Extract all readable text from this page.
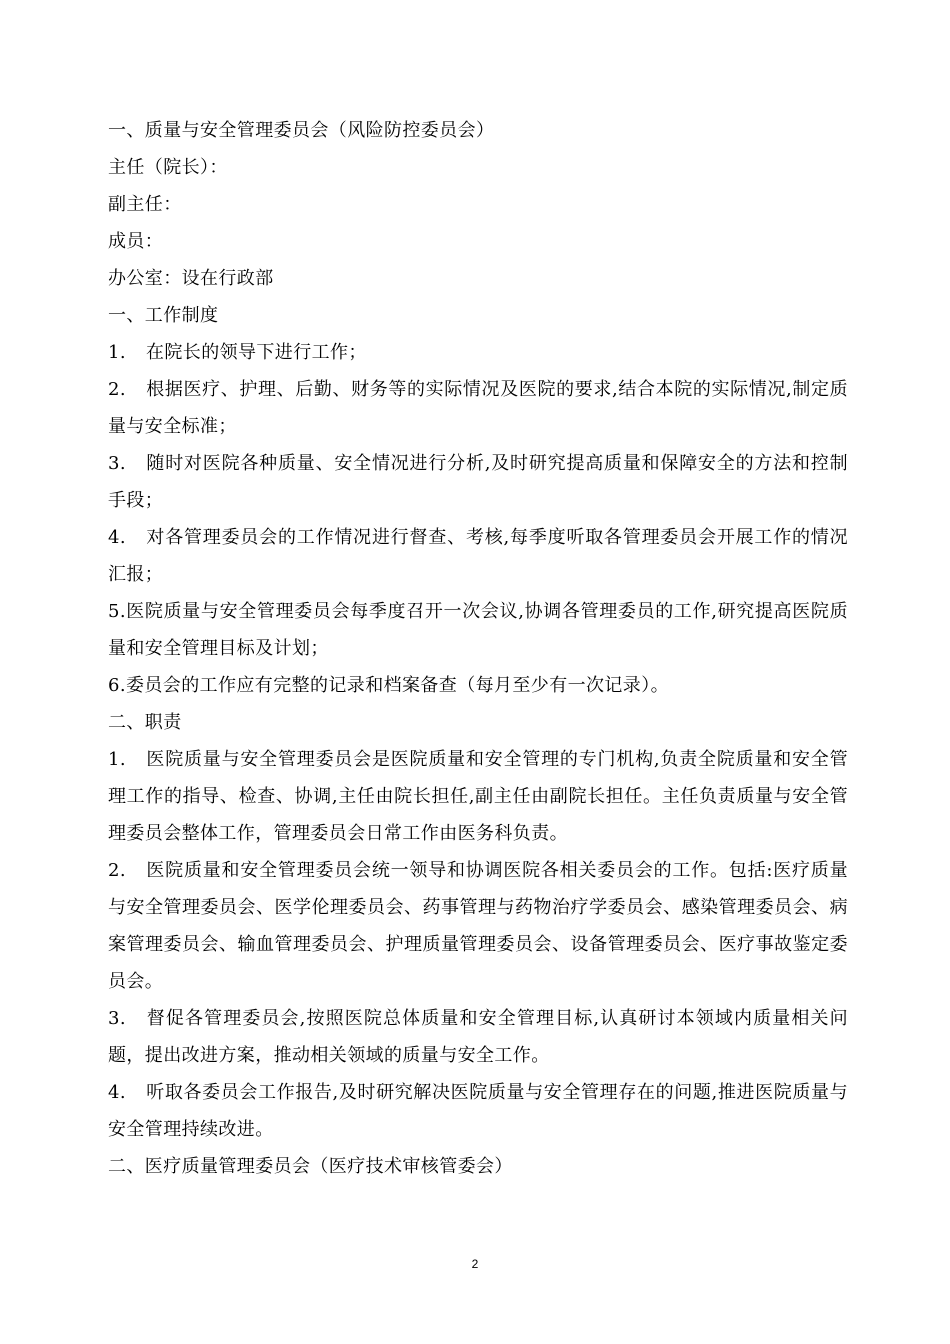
一、质量与安全管理委员会（风险防控委员会）

主任（院长）：

副主任：

成员：

办公室：设在行政部

一、工作制度

1. 在院长的领导下进行工作；

2. 根据医疗、护理、后勤、财务等的实际情况及医院的要求,结合本院的实际情况,制定质量与安全标准；

3. 随时对医院各种质量、安全情况进行分析,及时研究提高质量和保障安全的方法和控制手段；

4. 对各管理委员会的工作情况进行督查、考核,每季度听取各管理委员会开展工作的情况汇报；

5.医院质量与安全管理委员会每季度召开一次会议,协调各管理委员的工作,研究提高医院质量和安全管理目标及计划；

6.委员会的工作应有完整的记录和档案备查（每月至少有一次记录）。

二、职责

1. 医院质量与安全管理委员会是医院质量和安全管理的专门机构,负责全院质量和安全管理工作的指导、检查、协调,主任由院长担任,副主任由副院长担任。主任负责质量与安全管理委员会整体工作，管理委员会日常工作由医务科负责。

2. 医院质量和安全管理委员会统一领导和协调医院各相关委员会的工作。包括:医疗质量与安全管理委员会、医学伦理委员会、药事管理与药物治疗学委员会、感染管理委员会、病案管理委员会、输血管理委员会、护理质量管理委员会、设备管理委员会、医疗事故鉴定委员会。

3. 督促各管理委员会,按照医院总体质量和安全管理目标,认真研讨本领域内质量相关问题，提出改进方案，推动相关领域的质量与安全工作。

4. 听取各委员会工作报告,及时研究解决医院质量与安全管理存在的问题,推进医院质量与安全管理持续改进。

二、医疗质量管理委员会（医疗技术审核管委会）

2
